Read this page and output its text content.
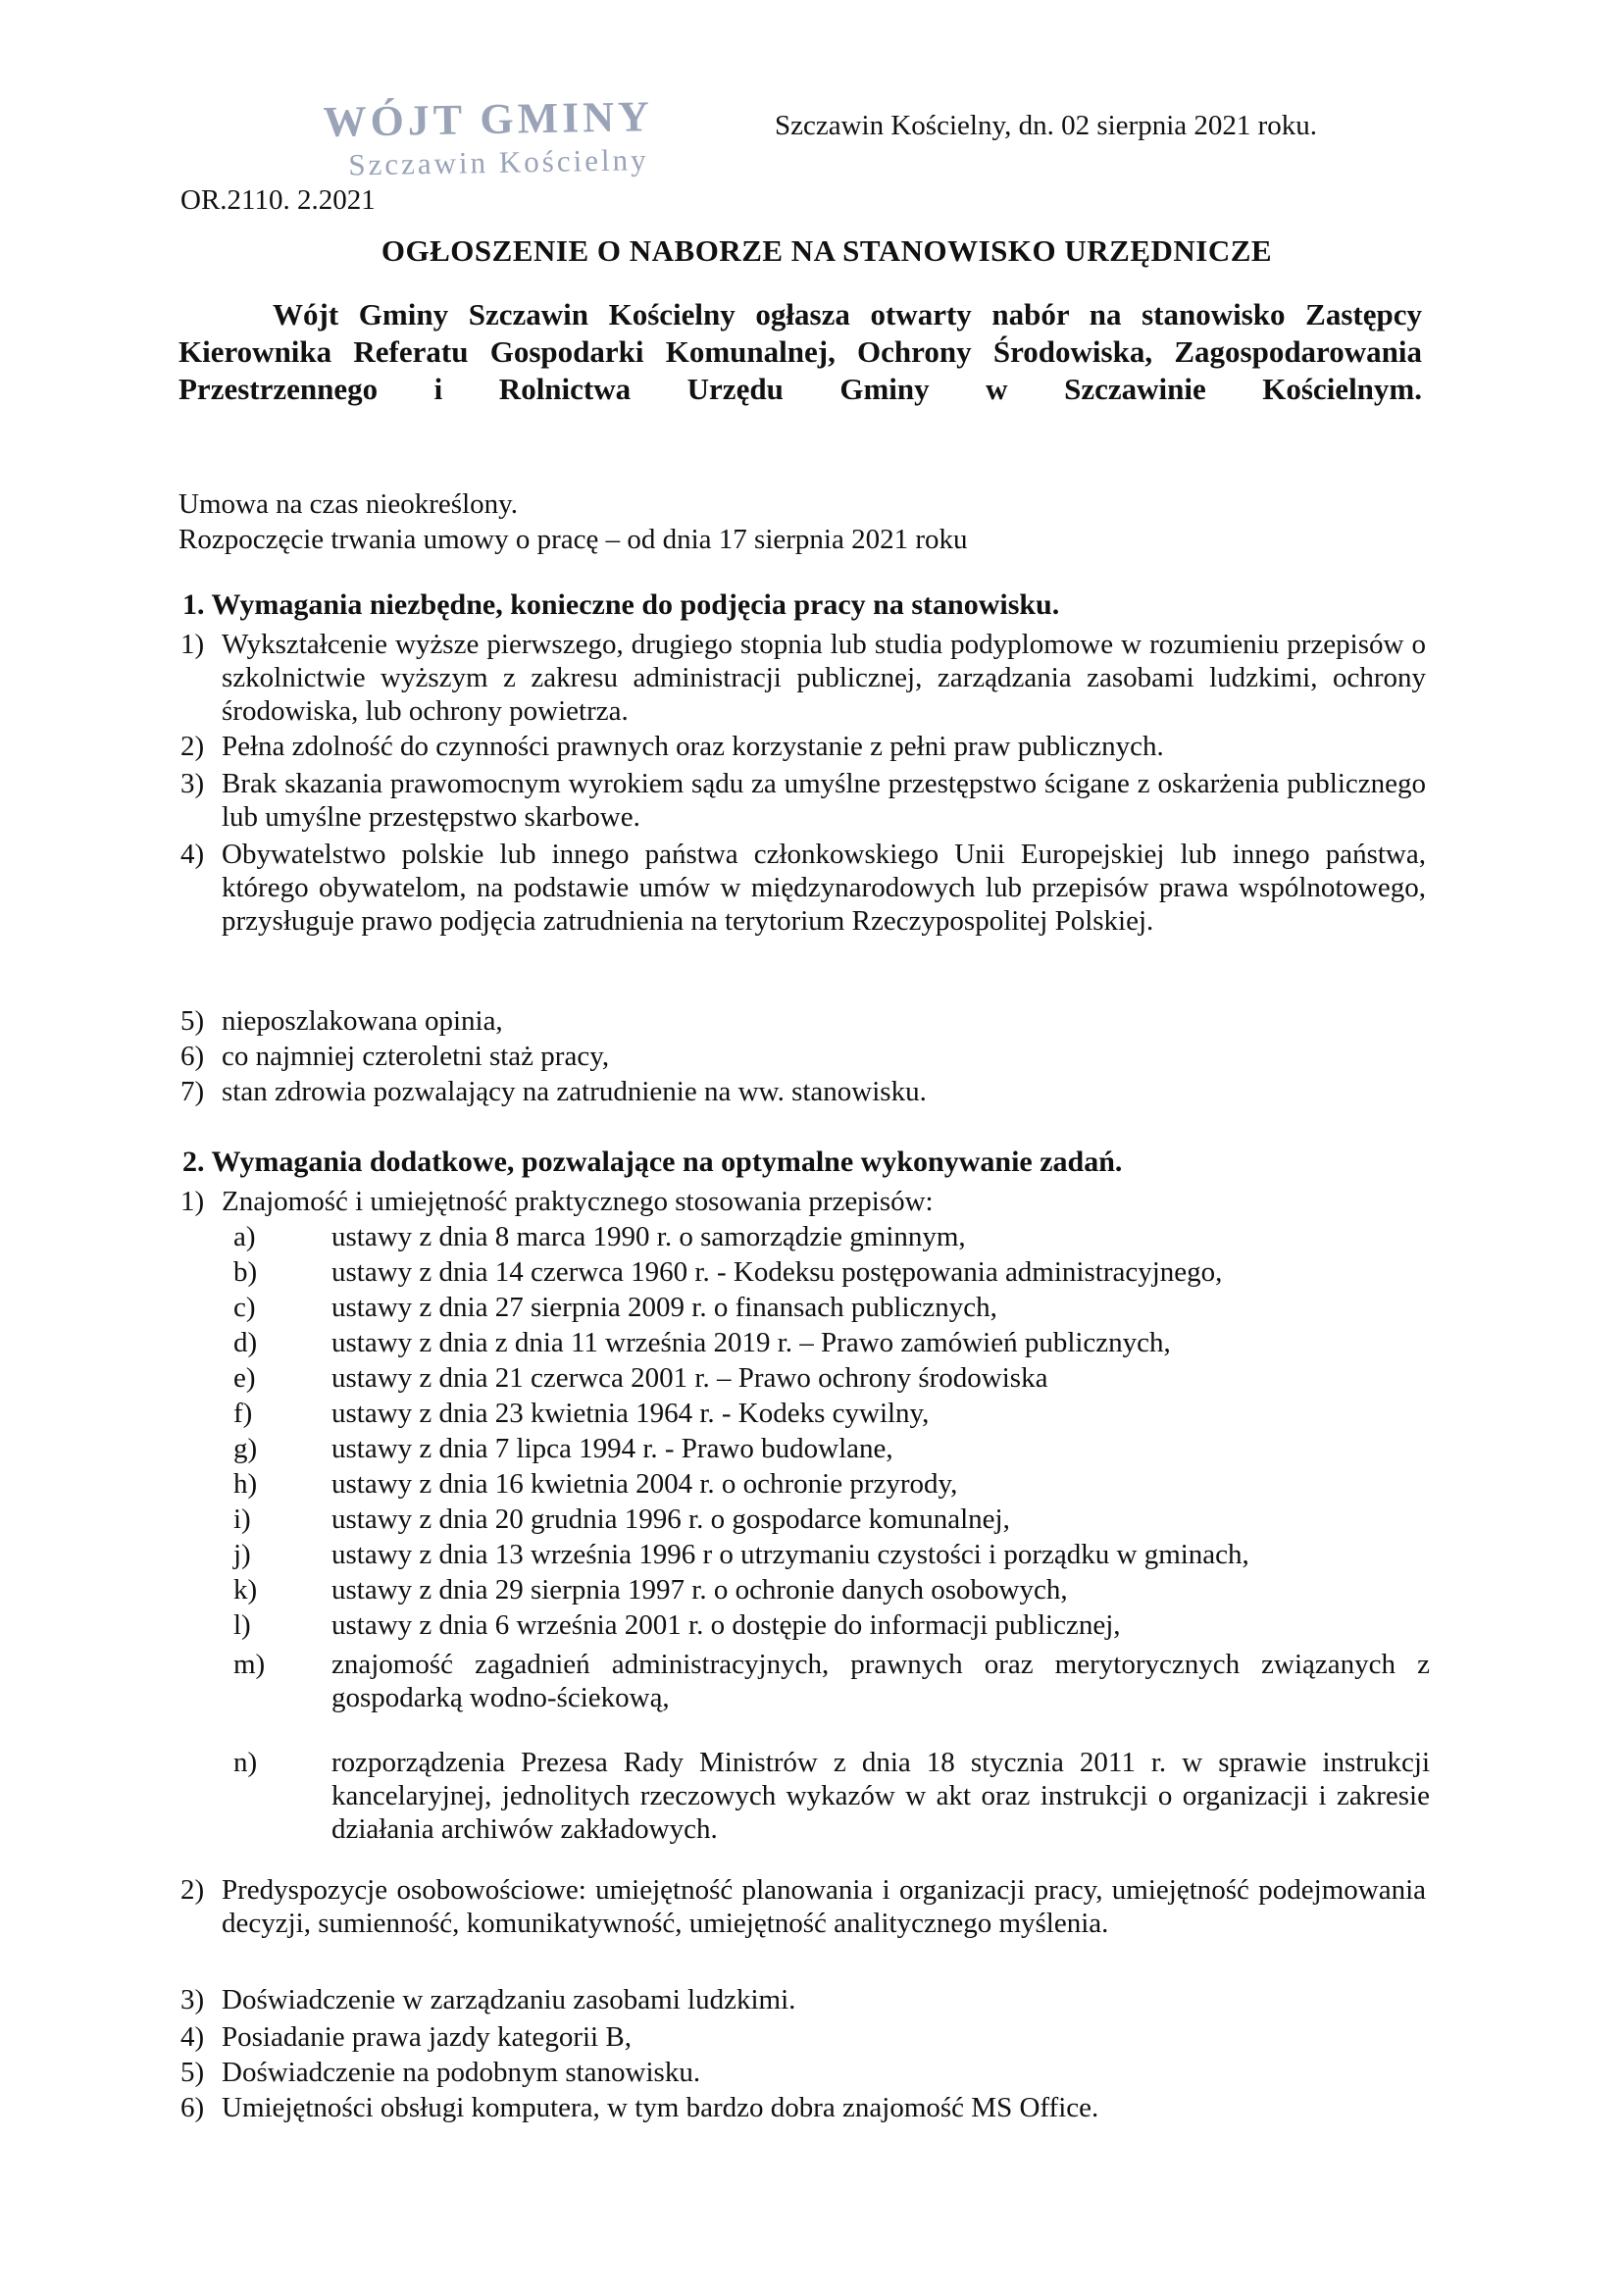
WÓJT GMINY
Szczawin Kościelny
Szczawin Kościelny, dn. 02 sierpnia 2021 roku.
OR.2110. 2.2021
OGŁOSZENIE O NABORZE NA STANOWISKO URZĘDNICZE
Wójt Gminy Szczawin Kościelny ogłasza otwarty nabór na stanowisko Zastępcy Kierownika Referatu Gospodarki Komunalnej, Ochrony Środowiska, Zagospodarowania Przestrzennego i Rolnictwa Urzędu Gminy w Szczawinie Kościelnym.
Umowa na czas nieokreślony.
Rozpoczęcie trwania umowy o pracę – od dnia 17 sierpnia 2021 roku
1. Wymagania niezbędne, konieczne do podjęcia pracy na stanowisku.
1) Wykształcenie wyższe pierwszego, drugiego stopnia lub studia podyplomowe w rozumieniu przepisów o szkolnictwie wyższym z zakresu administracji publicznej, zarządzania zasobami ludzkimi, ochrony środowiska, lub ochrony powietrza.
2) Pełna zdolność do czynności prawnych oraz korzystanie z pełni praw publicznych.
3) Brak skazania prawomocnym wyrokiem sądu za umyślne przestępstwo ścigane z oskarżenia publicznego lub umyślne przestępstwo skarbowe.
4) Obywatelstwo polskie lub innego państwa członkowskiego Unii Europejskiej lub innego państwa, którego obywatelom, na podstawie umów w międzynarodowych lub przepisów prawa wspólnotowego, przysługuje prawo podjęcia zatrudnienia na terytorium Rzeczypospolitej Polskiej.
5) nieposzlakowana opinia,
6) co najmniej czteroletni staż pracy,
7) stan zdrowia pozwalający na zatrudnienie na ww. stanowisku.
2. Wymagania dodatkowe, pozwalające na optymalne wykonywanie zadań.
1) Znajomość i umiejętność praktycznego stosowania przepisów:
a)	ustawy z dnia 8 marca 1990 r. o samorządzie gminnym,
b)	ustawy z dnia 14 czerwca 1960 r. - Kodeksu postępowania administracyjnego,
c)	ustawy z dnia 27 sierpnia 2009 r. o finansach publicznych,
d)	ustawy z dnia z dnia 11 września 2019 r. – Prawo zamówień publicznych,
e)	ustawy z dnia 21 czerwca 2001 r. – Prawo ochrony środowiska
f)	ustawy z dnia 23 kwietnia 1964 r. - Kodeks cywilny,
g)	ustawy z dnia 7 lipca 1994 r. - Prawo budowlane,
h)	ustawy z dnia 16 kwietnia 2004 r. o ochronie przyrody,
i)	ustawy z dnia 20 grudnia 1996 r. o gospodarce komunalnej,
j)	ustawy z dnia 13 września 1996 r o utrzymaniu czystości i porządku w gminach,
k)	ustawy z dnia 29 sierpnia 1997 r. o ochronie danych osobowych,
l)	ustawy z dnia 6 września 2001 r. o dostępie do informacji publicznej,
m)	znajomość zagadnień administracyjnych, prawnych oraz merytorycznych związanych z gospodarką wodno-ściekową,
n)	rozporządzenia Prezesa Rady Ministrów z dnia 18 stycznia 2011 r. w sprawie instrukcji kancelaryjnej, jednolitych rzeczowych wykazów w akt oraz instrukcji o organizacji i zakresie działania archiwów zakładowych.
2) Predyspozycje osobowościowe: umiejętność planowania i organizacji pracy, umiejętność podejmowania decyzji, sumienność, komunikatywność, umiejętność analitycznego myślenia.
3) Doświadczenie w zarządzaniu zasobami ludzkimi.
4) Posiadanie prawa jazdy kategorii B,
5) Doświadczenie na podobnym stanowisku.
6) Umiejętności obsługi komputera, w tym bardzo dobra znajomość MS Office.
